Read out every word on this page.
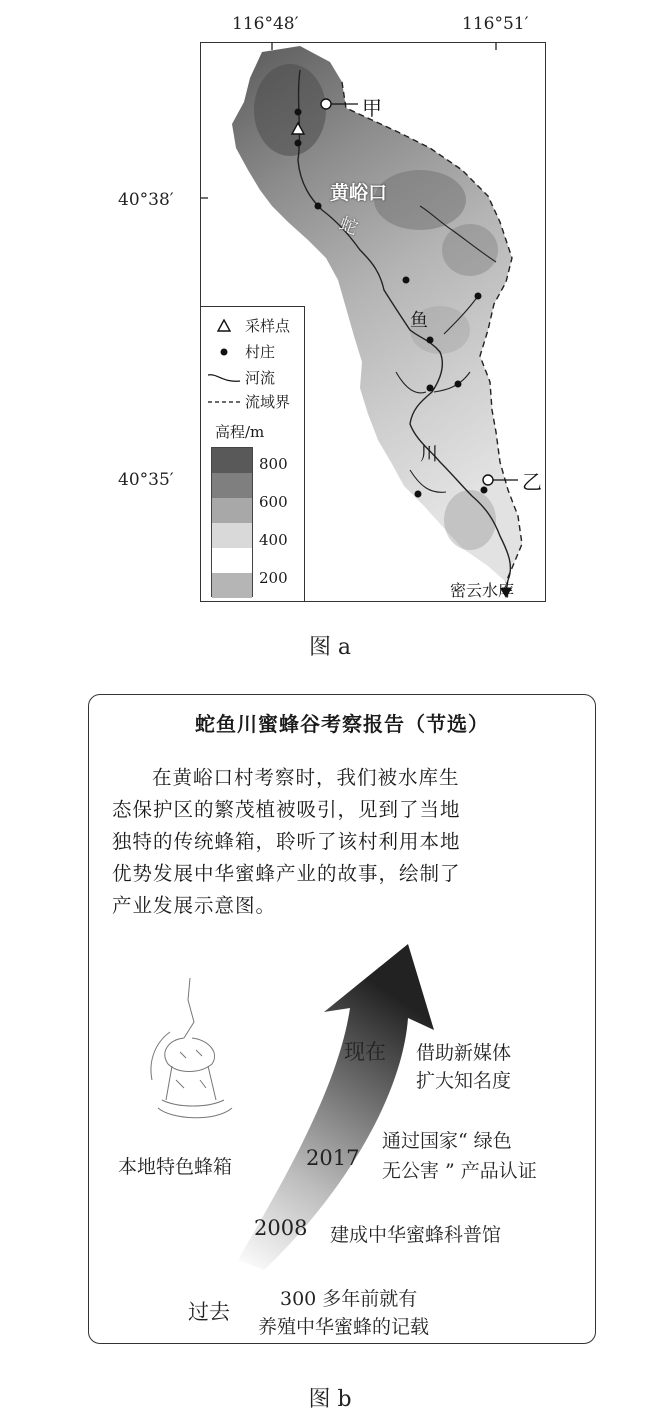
116°48′	116°51′
40°38′
40°35′
甲
乙
黄峪口
蛇
鱼
川
密云水库
采样点
村庄
河流
流域界
高程/m
800
600
400
200
图 a
蛇鱼川蜜蜂谷考察报告（节选）
在黄峪口村考察时，我们被水库生
态保护区的繁茂植被吸引，见到了当地
独特的传统蜂箱，聆听了该村利用本地
优势发展中华蜜蜂产业的故事，绘制了
产业发展示意图。
本地特色蜂箱
现在 借助新媒体
扩大知名度
2017
通过国家“ 绿色
无公害 ” 产品认证
2008 建成中华蜜蜂科普馆
过去
300 多年前就有
养殖中华蜜蜂的记载
图 b
